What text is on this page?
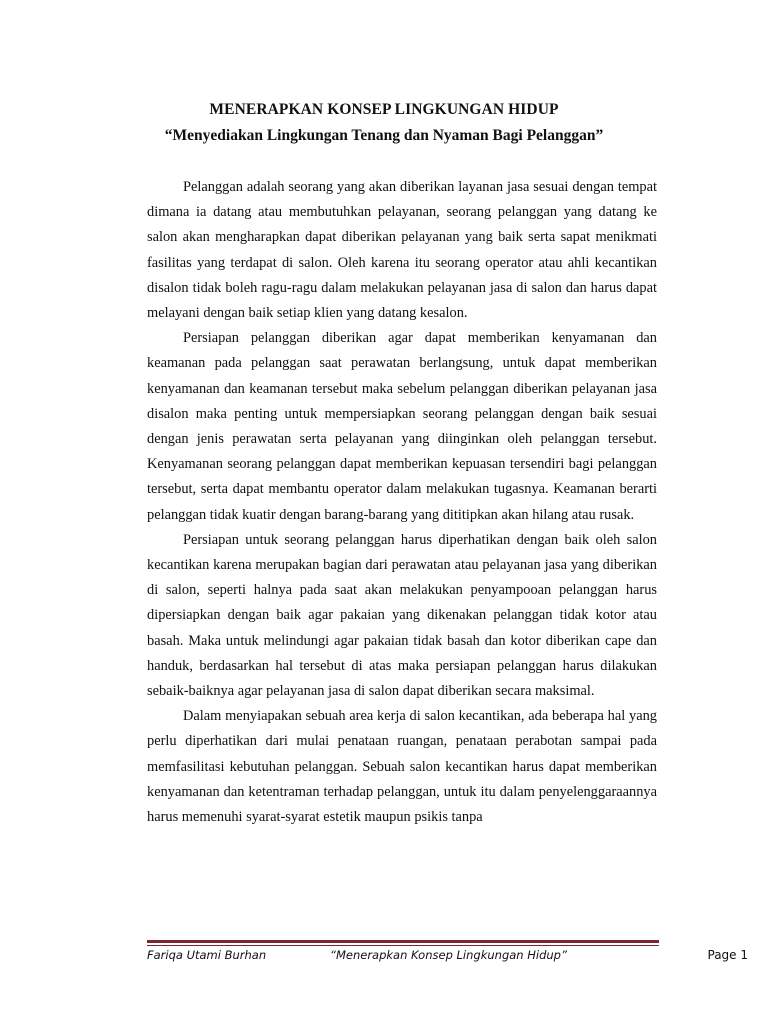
MENERAPKAN KONSEP LINGKUNGAN HIDUP
“Menyediakan Lingkungan Tenang dan Nyaman Bagi Pelanggan”

Pelanggan adalah seorang yang akan diberikan layanan jasa sesuai dengan tempat dimana ia datang atau membutuhkan pelayanan, seorang pelanggan yang datang ke salon akan mengharapkan dapat diberikan pelayanan yang baik serta sapat menikmati fasilitas yang terdapat di salon. Oleh karena itu seorang operator atau ahli kecantikan disalon tidak boleh ragu-ragu dalam melakukan pelayanan jasa di salon dan harus dapat melayani dengan baik setiap klien yang datang kesalon.

Persiapan pelanggan diberikan agar dapat memberikan kenyamanan dan keamanan pada pelanggan saat perawatan berlangsung, untuk dapat memberikan kenyamanan dan keamanan tersebut maka sebelum pelanggan diberikan pelayanan jasa disalon maka penting untuk mempersiapkan seorang pelanggan dengan baik sesuai dengan jenis perawatan serta pelayanan yang diinginkan oleh pelanggan tersebut. Kenyamanan seorang pelanggan dapat memberikan kepuasan tersendiri bagi pelanggan tersebut, serta dapat membantu operator dalam melakukan tugasnya. Keamanan berarti pelanggan tidak kuatir dengan barang-barang yang dititipkan akan hilang atau rusak.

Persiapan untuk seorang pelanggan harus diperhatikan dengan baik oleh salon kecantikan karena merupakan bagian dari perawatan atau pelayanan jasa yang diberikan di salon, seperti halnya pada saat akan melakukan penyampooan pelanggan harus dipersiapkan dengan baik agar pakaian yang dikenakan pelanggan tidak kotor atau basah. Maka untuk melindungi agar pakaian tidak basah dan kotor diberikan cape dan handuk, berdasarkan hal tersebut di atas maka persiapan pelanggan harus dilakukan sebaik-baiknya agar pelayanan jasa di salon dapat diberikan secara maksimal.

Dalam menyiapakan sebuah area kerja di salon kecantikan, ada beberapa hal yang perlu diperhatikan dari mulai penataan ruangan, penataan perabotan sampai pada memfasilitasi kebutuhan pelanggan. Sebuah salon kecantikan harus dapat memberikan kenyamanan dan ketentraman terhadap pelanggan, untuk itu dalam penyelenggaraannya harus memenuhi syarat-syarat estetik maupun psikis tanpa

Fariqa Utami Burhan	“Menerapkan Konsep Lingkungan Hidup”	Page 1
